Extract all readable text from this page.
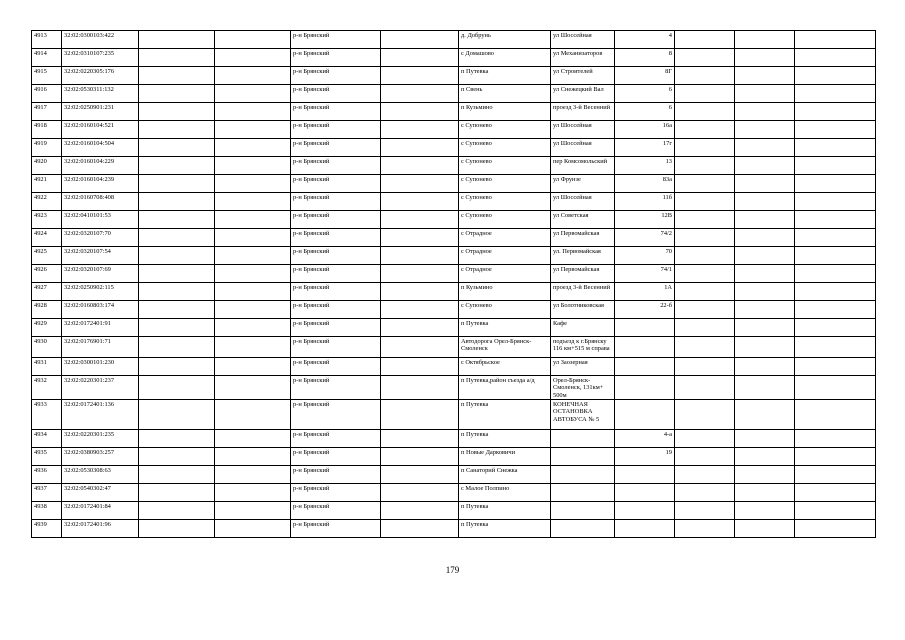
4913	32:02:0300103:422			р-н Брянский		д. Добрунь	ул Шоссейная	4			
4914	32:02:0310107:235			р-н Брянский		с Домашово	ул Механизаторов	8			
4915	32:02:0220305:176			р-н Брянский		п Путевка	ул Строителей	8Г			
4916	32:02:0530311:132			р-н Брянский		п Свень	ул Снежецкий Вал	6			
4917	32:02:0250901:231			р-н Брянский		п Кузьмино	проезд 3-й Весенний	6			
4918	32:02:0160104:521			р-н Брянский		с Супонево	ул Шоссейная	16а			
4919	32:02:0160104:504			р-н Брянский		с Супонево	ул Шоссейная	17г			
4920	32:02:0160104:229			р-н Брянский		с Супонево	пер Комсомольский	13			
4921	32:02:0160104:239			р-н Брянский		с Супонево	ул Фрунзе	83а			
4922	32:02:0160708:408			р-н Брянский		с Супонево	ул Шоссейная	11б			
4923	32:02:0410101:53			р-н Брянский		с Супонево	ул Советская	12В			
4924	32:02:0320107:70			р-н Брянский		с Отрадное	ул Первомайская	74/2			
4925	32:02:0320107:54			р-н Брянский		с Отрадное	ул. Первомайская	70			
4926	32:02:0320107:69			р-н Брянский		с Отрадное	ул Первомайская	74/1			
4927	32:02:0250902:115			р-н Брянский		п Кузьмино	проезд 3-й Весенний	1А			
4928	32:02:0160803:174			р-н Брянский		с Супонево	ул Болотниковская	22-б			
4929	32:02:0172401:91			р-н Брянский		п Путевка	Кафе				
4930	32:02:0176901:71			р-н Брянский		Автодорога Орел-Брянск-Смоленск	подъезд к г.Брянску 116 км+515 м справа				
4931	32:02:0300101:230			р-н Брянский		с Октябрьское	ул Заозерная				
4932	32:02:0220301:237			р-н Брянский		п Путевка,район съезда а/д	Орел-Брянск-Смоленск, 131км+ 500м				
4933	32:02:0172401:136			р-н Брянский		п Путевка	КОНЕЧНАЯ ОСТАНОВКА АВТОБУСА № 5				
4934	32:02:0220301:235			р-н Брянский		п Путевка		4-а			
4935	32:02:0380903:257			р-н Брянский		п Новые Дарковичи		19			
4936	32:02:0530308:63			р-н Брянский		п Санаторий Снежка					
4937	32:02:0540302:47			р-н Брянский		с Малое Полпино					
4938	32:02:0172401:84			р-н Брянский		п Путевка					
4939	32:02:0172401:96			р-н Брянский		п Путевка					
179
